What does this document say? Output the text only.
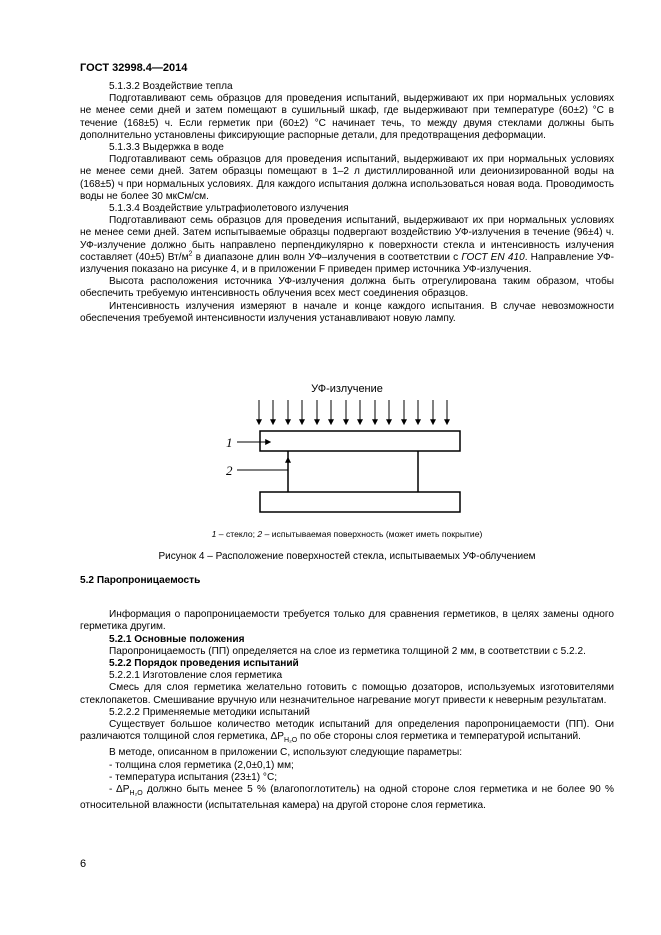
ГОСТ 32998.4—2014

5.1.3.2 Воздействие тепла

Подготавливают семь образцов для проведения испытаний, выдерживают их при нормальных условиях не менее семи дней и затем помещают в сушильный шкаф, где выдерживают при температуре (60±2) °С в течение (168±5) ч. Если герметик при (60±2) °С начинает течь, то между двумя стеклами должны быть дополнительно установлены фиксирующие распорные детали, для предотвращения деформации.

5.1.3.3 Выдержка в воде

Подготавливают семь образцов для проведения испытаний, выдерживают их при нормальных условиях не менее семи дней. Затем образцы помещают в 1–2 л дистиллированной или деионизированной воды на (168±5) ч при нормальных условиях. Для каждого испытания должна использоваться новая вода. Проводимость воды не более 30 мкСм/см.

5.1.3.4 Воздействие ультрафиолетового излучения

Подготавливают семь образцов для проведения испытаний, выдерживают их при нормальных условиях не менее семи дней. Затем испытываемые образцы подвергают воздействию УФ-излучения в течение (96±4) ч. УФ-излучение должно быть направлено перпендикулярно к поверхности стекла и интенсивность излучения составляет (40±5) $Вт/м^2$ в диапазоне длин волн УФ–излучения в соответствии с ГОСТ EN 410. Направление УФ-излучения показано на рисунке 4, и в приложении F приведен пример источника УФ-излучения.

Высота расположения источника УФ-излучения должна быть отрегулирована таким образом, чтобы обеспечить требуемую интенсивность облучения всех мест соединения образцов.

Интенсивность излучения измеряют в начале и конце каждого испытания. В случае невозможности обеспечения требуемой интенсивности излучения устанавливают новую лампу.

УФ-излучение
1
2
1 – стекло; 2 – испытываемая поверхность (может иметь покрытие)
Рисунок 4 – Расположение поверхностей стекла, испытываемых УФ-облучением

5.2 Паропроницаемость

Информация о паропроницаемости требуется только для сравнения герметиков, в целях замены одного герметика другим.

5.2.1 Основные положения

Паропроницаемость (ПП) определяется на слое из герметика толщиной 2 мм, в соответствии с 5.2.2.

5.2.2 Порядок проведения испытаний

5.2.2.1 Изготовление слоя герметика

Смесь для слоя герметика желательно готовить с помощью дозаторов, используемых изготовителями стеклопакетов. Смешивание вручную или незначительное нагревание могут привести к неверным результатам.

5.2.2.2 Применяемые методики испытаний

Существует большое количество методик испытаний для определения паропроницаемости (ПП). Они различаются толщиной слоя герметика, $\Delta P_{H_2O}$ по обе стороны слоя герметика и температурой испытаний.

В методе, описанном в приложении С, используют следующие параметры:

- толщина слоя герметика (2,0±0,1) мм;

- температура испытания (23±1) °С;

- $\Delta P_{H_2O}$ должно быть менее 5 % (влагопоглотитель) на одной стороне слоя герметика и не более 90 % относительной влажности (испытательная камера) на другой стороне слоя герметика.

6
